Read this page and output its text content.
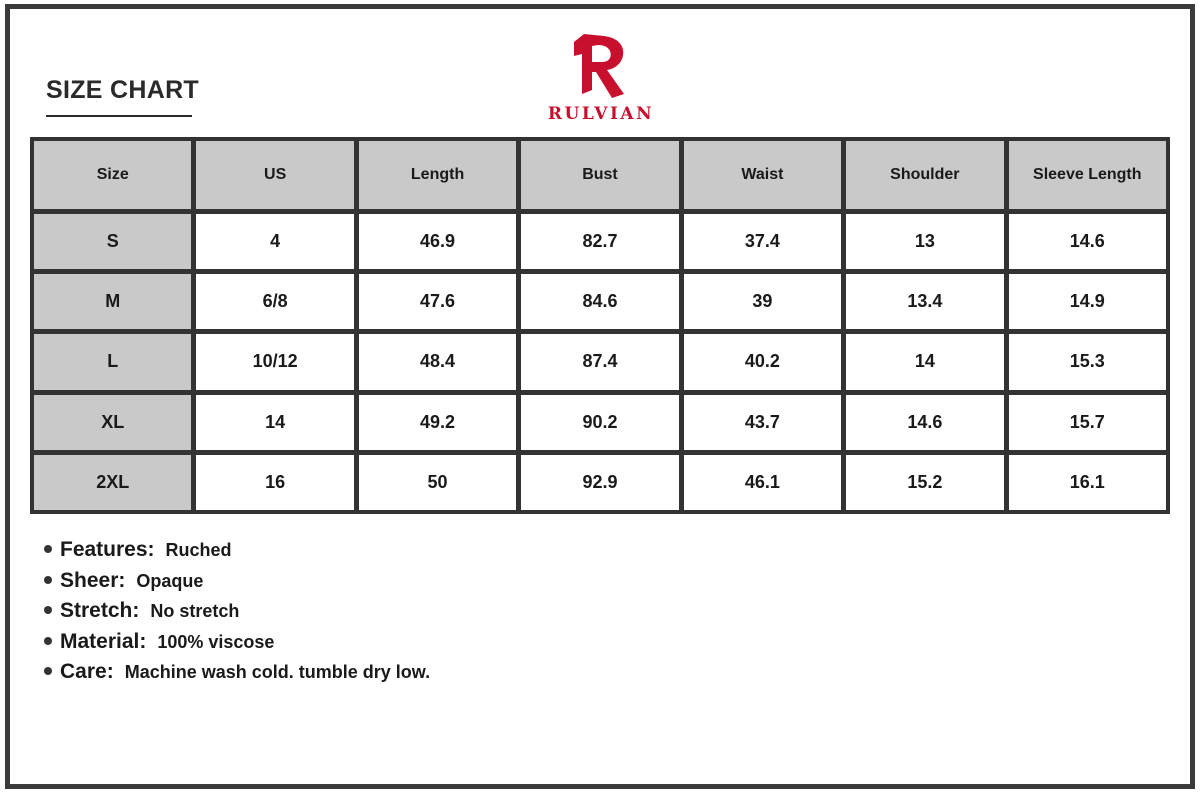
SIZE CHART
RULVIAN
Size	US	Length	Bust	Waist	Shoulder	Sleeve Length
S	4	46.9	82.7	37.4	13	14.6
M	6/8	47.6	84.6	39	13.4	14.9
L	10/12	48.4	87.4	40.2	14	15.3
XL	14	49.2	90.2	43.7	14.6	15.7
2XL	16	50	92.9	46.1	15.2	16.1
Features: Ruched
Sheer: Opaque
Stretch: No stretch
Material: 100% viscose
Care: Machine wash cold. tumble dry low.
